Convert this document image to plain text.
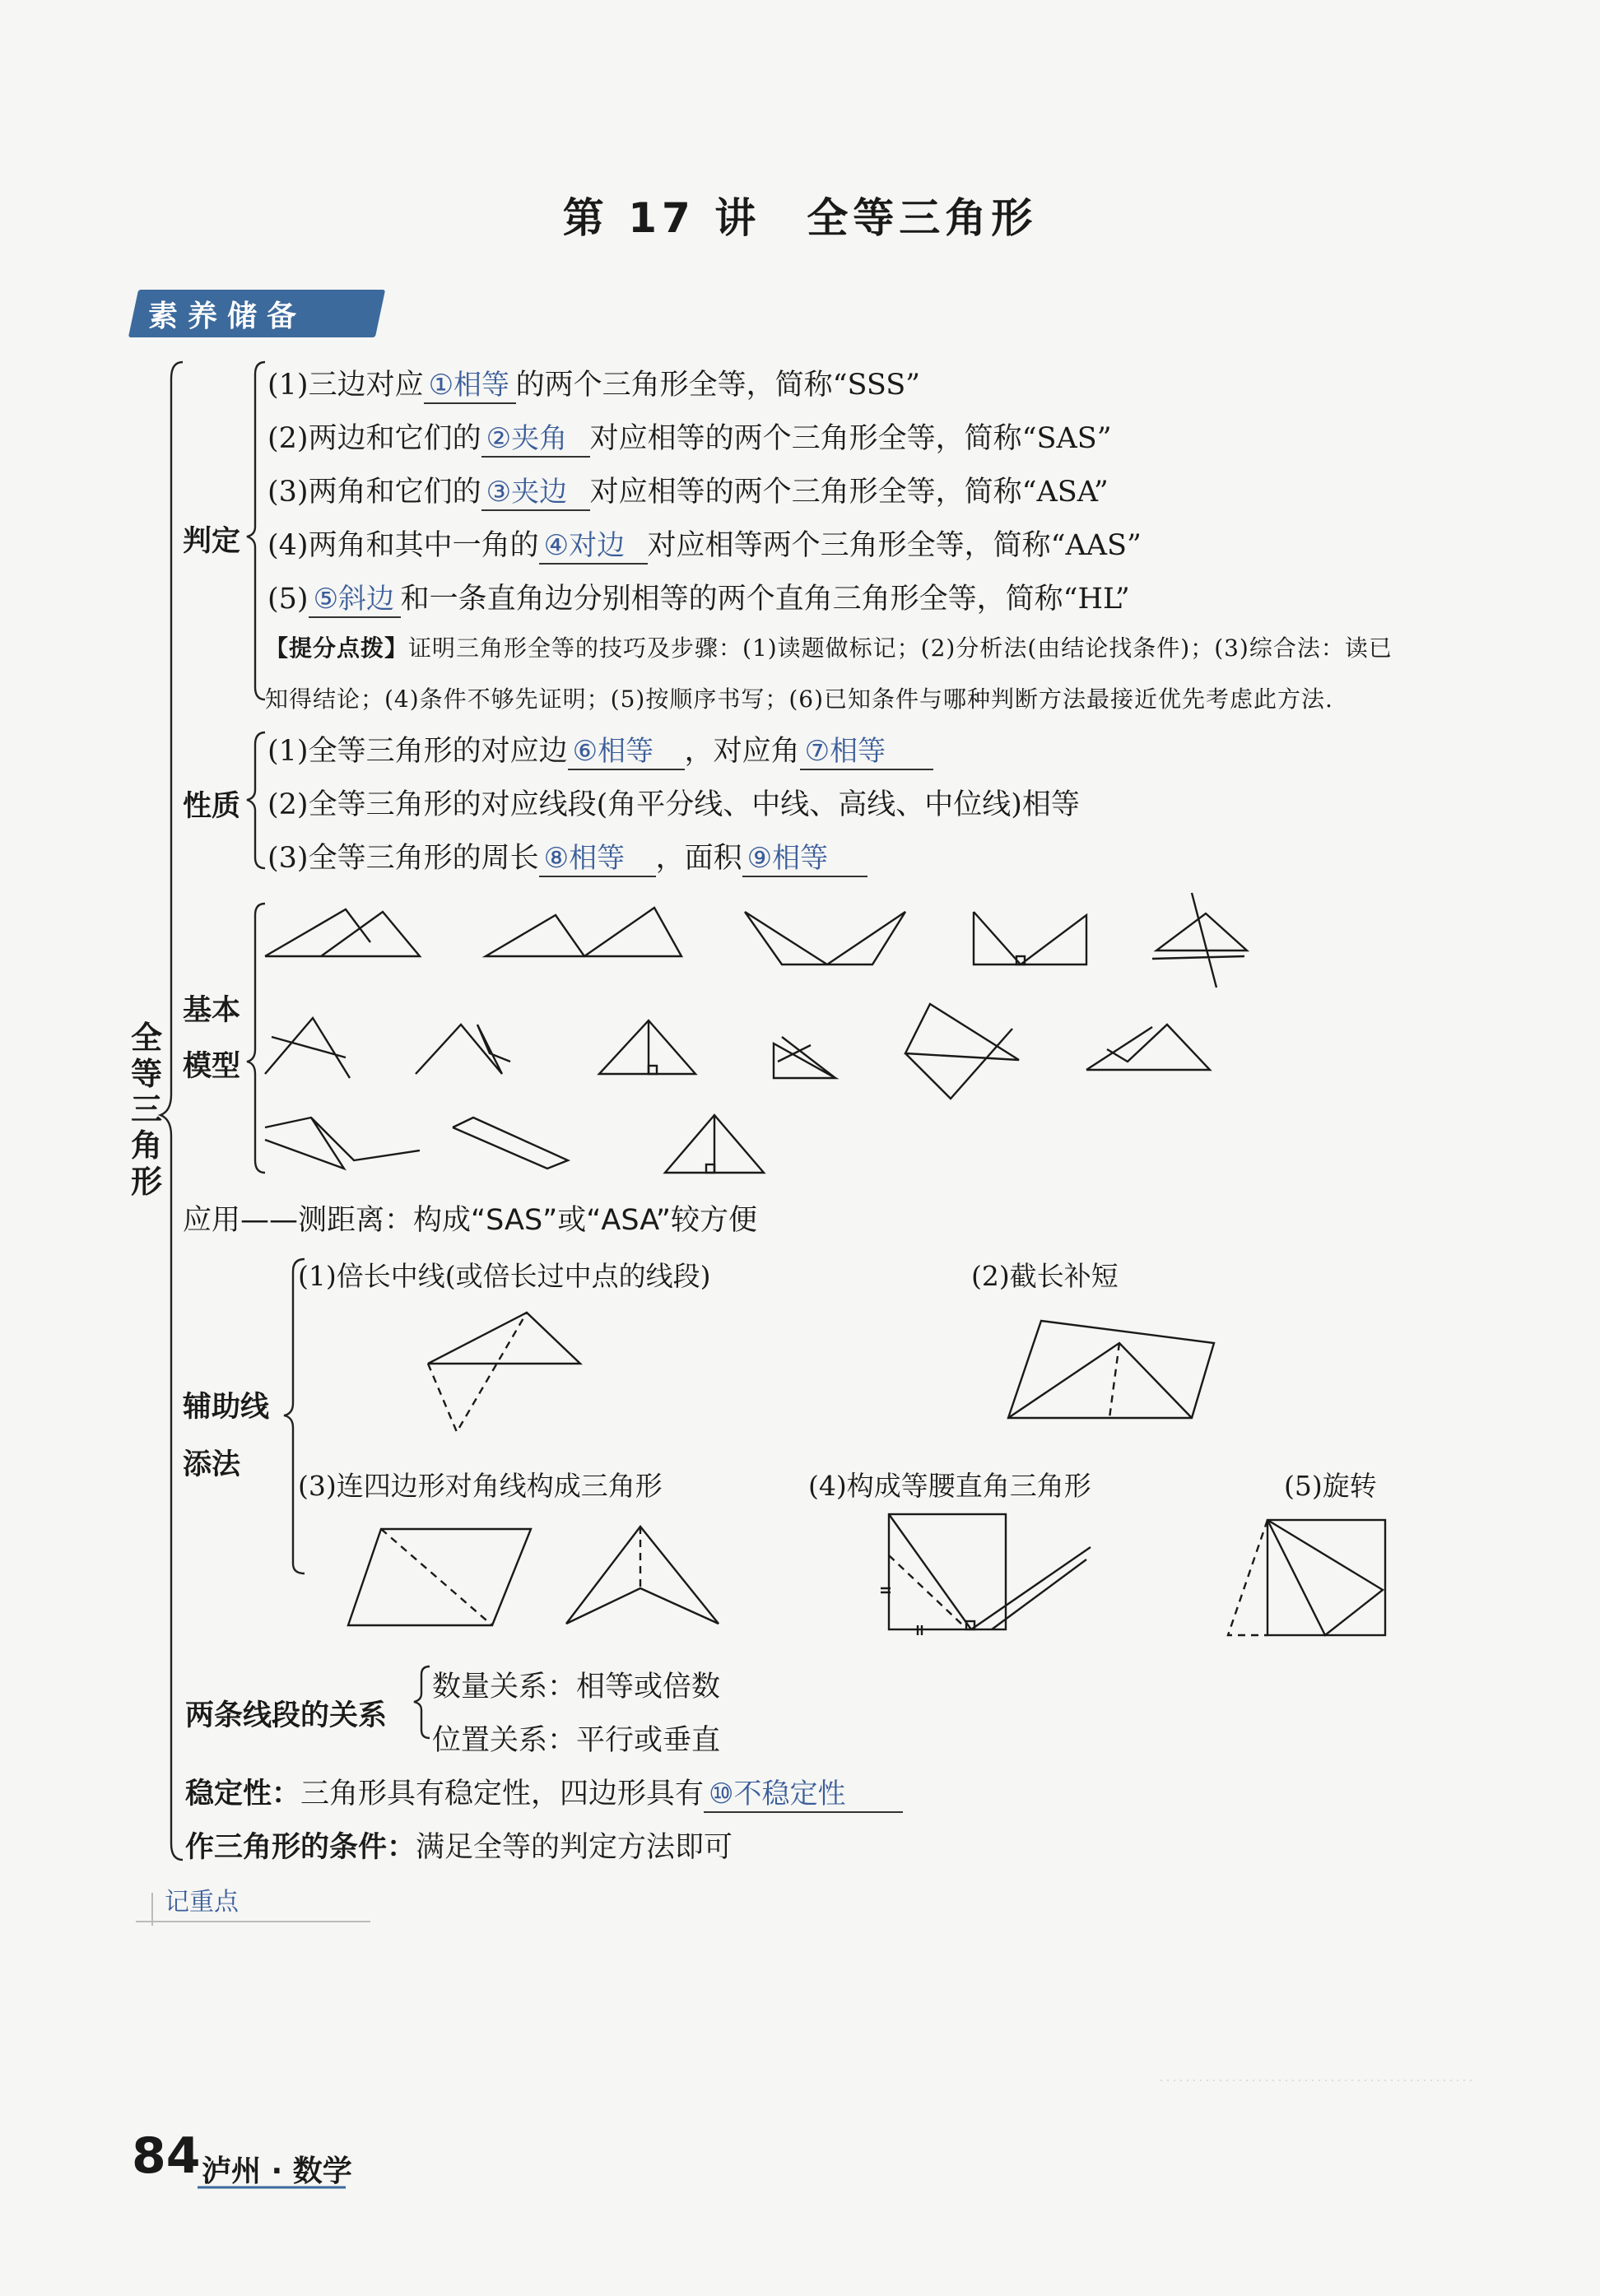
第 17 讲　全等三角形
素养储备
全
等
三
角
形
判定
(1)三边对应 ①相等 的两个三角形全等，简称“SSS”
(2)两边和它们的 ②夹角 对应相等的两个三角形全等，简称“SAS”
(3)两角和它们的 ③夹边 对应相等的两个三角形全等，简称“ASA”
(4)两角和其中一角的 ④对边 对应相等两个三角形全等，简称“AAS”
(5) ⑤斜边 和一条直角边分别相等的两个直角三角形全等，简称“HL”
【提分点拨】证明三角形全等的技巧及步骤：(1)读题做标记；(2)分析法(由结论找条件)；(3)综合法：读已
知得结论；(4)条件不够先证明；(5)按顺序书写；(6)已知条件与哪种判断方法最接近优先考虑此方法.
性质
(1)全等三角形的对应边 ⑥相等 ，对应角 ⑦相等
(2)全等三角形的对应线段(角平分线、中线、高线、中位线)相等
(3)全等三角形的周长 ⑧相等 ，面积 ⑨相等
基本
模型
应用——测距离：构成“SAS”或“ASA”较方便
辅助线
添法
(1)倍长中线(或倍长过中点的线段)	(2)截长补短
(3)连四边形对角线构成三角形	(4)构成等腰直角三角形	(5)旋转
两条线段的关系
数量关系：相等或倍数
位置关系：平行或垂直
稳定性：三角形具有稳定性，四边形具有 ⑩不稳定性
作三角形的条件：满足全等的判定方法即可
记重点
84 泸州 · 数学
